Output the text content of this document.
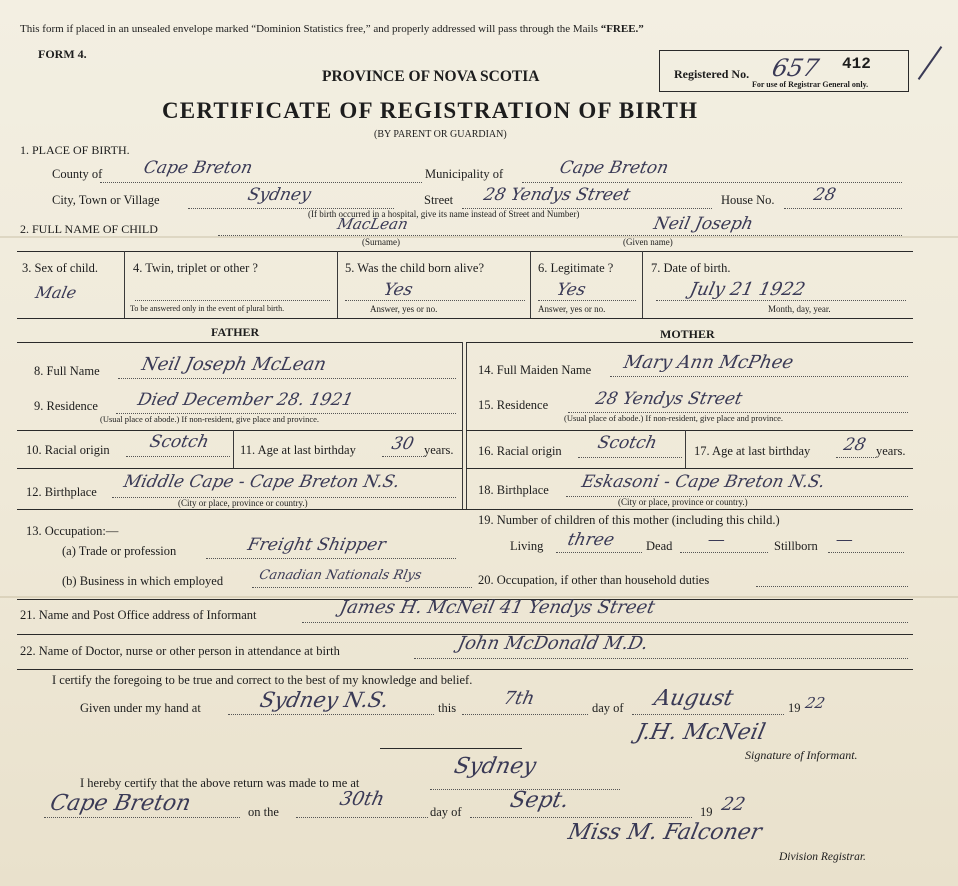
This form if placed in an unsealed envelope marked “Dominion Statistics free,” and properly addressed will pass through the Mails “FREE.”
FORM 4.
PROVINCE OF NOVA SCOTIA
CERTIFICATE OF REGISTRATION OF BIRTH
(BY PARENT OR GUARDIAN)
Registered No. 657 412
For use of Registrar General only.
1. PLACE OF BIRTH.
County of Cape Breton	Municipality of	Cape Breton
City, Town or Village	Sydney	Street 28 Yendys Street	House No. 28
(If birth occurred in a hospital, give its name instead of Street and Number)
2. FULL NAME OF CHILD	MacLean
(Surname)
Neil Joseph
(Given name)
3. Sex of child.
Male
4. Twin, triplet or other ?
To be answered only in the event of plural birth.
5. Was the child born alive?
Yes
Answer, yes or no.
6. Legitimate ?
Yes
Answer, yes or no.
7. Date of birth.
July 21 1922
Month, day, year.
FATHER	MOTHER
8. Full Name Neil Joseph McLean
9. Residence Died December 28. 1921
(Usual place of abode.) If non-resident, give place and province.
10. Racial origin Scotch 11. Age at last birthday 30 years.
12. Birthplace Middle Cape - Cape Breton N.S.
(City or place, province or country.)
13. Occupation:—
(a) Trade or profession	Freight Shipper
(b) Business in which employed	Canadian Nationals Rlys
14. Full Maiden Name Mary Ann McPhee
15. Residence	28 Yendys Street
(Usual place of abode.) If non-resident, give place and province.
16. Racial origin Scotch	17. Age at last birthday 28 years.
18. Birthplace Eskasoni - Cape Breton N.S.
(City or place, province or country.)
19. Number of children of this mother (including this child.)
Living three Dead —	Stillborn —
20. Occupation, if other than household duties
21. Name and Post Office address of Informant	James H. McNeil 41 Yendys Street
22. Name of Doctor, nurse or other person in attendance at birth	John McDonald M.D.
I certify the foregoing to be true and correct to the best of my knowledge and belief.
Given under my hand at	Sydney N.S.	this	7th	day of August	19 22
J.H. McNeil
Signature of Informant.
I hereby certify that the above return was made to me at
Sydney
Cape Breton	on the
30th
day of Sept.	19 22
Miss M. Falconer
Division Registrar.
